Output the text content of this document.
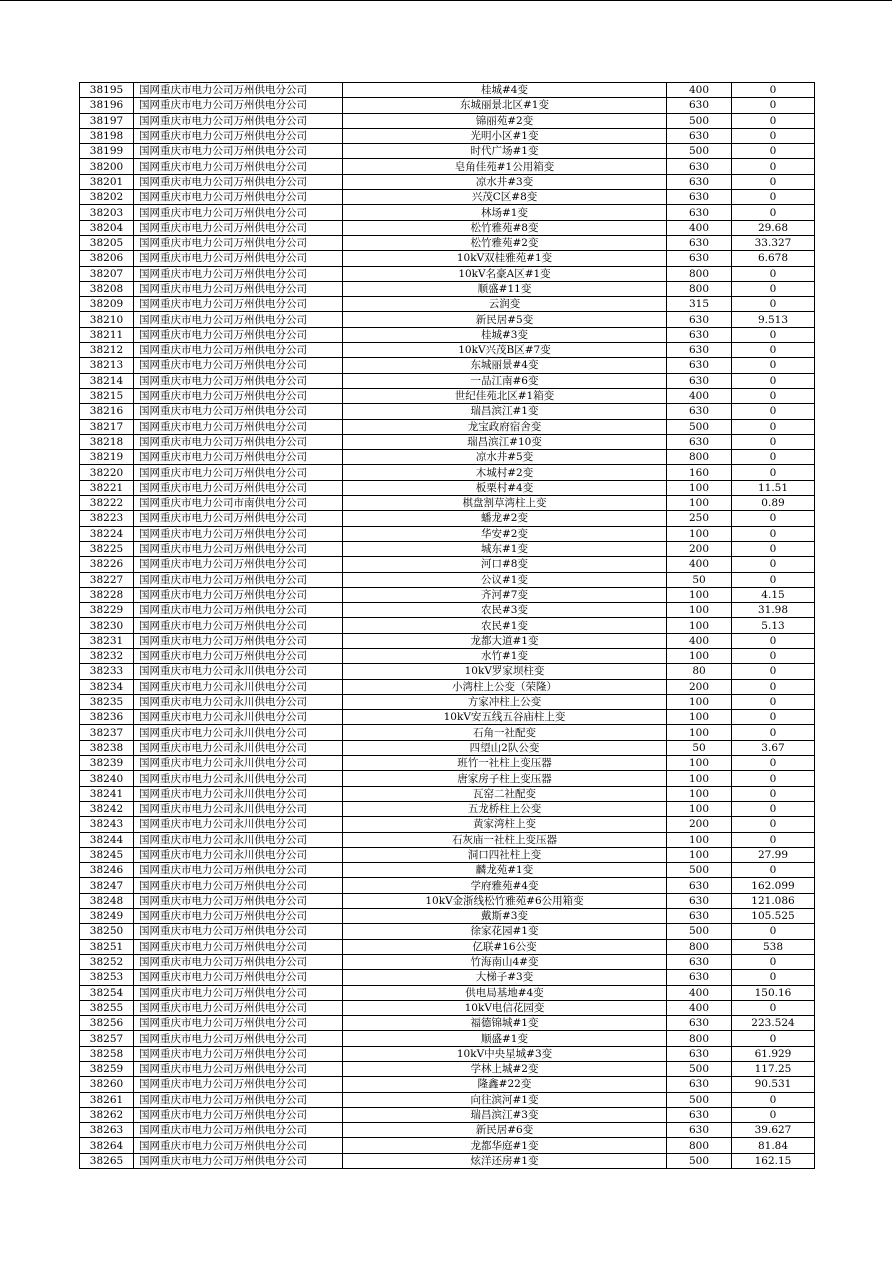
38195	国网重庆市电力公司万州供电分公司	桂城#4变	400	0
38196	国网重庆市电力公司万州供电分公司	东城丽景北区#1变	630	0
38197	国网重庆市电力公司万州供电分公司	锦丽苑#2变	500	0
38198	国网重庆市电力公司万州供电分公司	光明小区#1变	630	0
38199	国网重庆市电力公司万州供电分公司	时代广场#1变	500	0
38200	国网重庆市电力公司万州供电分公司	皂角佳苑#1公用箱变	630	0
38201	国网重庆市电力公司万州供电分公司	凉水井#3变	630	0
38202	国网重庆市电力公司万州供电分公司	兴茂C区#8变	630	0
38203	国网重庆市电力公司万州供电分公司	林场#1变	630	0
38204	国网重庆市电力公司万州供电分公司	松竹雅苑#8变	400	29.68
38205	国网重庆市电力公司万州供电分公司	松竹雅苑#2变	630	33.327
38206	国网重庆市电力公司万州供电分公司	10kV双桂雅苑#1变	630	6.678
38207	国网重庆市电力公司万州供电分公司	10kV名豪A区#1变	800	0
38208	国网重庆市电力公司万州供电分公司	顺盛#11变	800	0
38209	国网重庆市电力公司万州供电分公司	云润变	315	0
38210	国网重庆市电力公司万州供电分公司	新民居#5变	630	9.513
38211	国网重庆市电力公司万州供电分公司	桂城#3变	630	0
38212	国网重庆市电力公司万州供电分公司	10kV兴茂B区#7变	630	0
38213	国网重庆市电力公司万州供电分公司	东城丽景#4变	630	0
38214	国网重庆市电力公司万州供电分公司	一品江南#6变	630	0
38215	国网重庆市电力公司万州供电分公司	世纪佳苑北区#1箱变	400	0
38216	国网重庆市电力公司万州供电分公司	瑞昌滨江#1变	630	0
38217	国网重庆市电力公司万州供电分公司	龙宝政府宿舍变	500	0
38218	国网重庆市电力公司万州供电分公司	瑞昌滨江#10变	630	0
38219	国网重庆市电力公司万州供电分公司	凉水井#5变	800	0
38220	国网重庆市电力公司万州供电分公司	木城村#2变	160	0
38221	国网重庆市电力公司万州供电分公司	板栗村#4变	100	11.51
38222	国网重庆市电力公司市南供电分公司	棋盘割草湾柱上变	100	0.89
38223	国网重庆市电力公司万州供电分公司	蟠龙#2变	250	0
38224	国网重庆市电力公司万州供电分公司	华安#2变	100	0
38225	国网重庆市电力公司万州供电分公司	城东#1变	200	0
38226	国网重庆市电力公司万州供电分公司	河口#8变	400	0
38227	国网重庆市电力公司万州供电分公司	公议#1变	50	0
38228	国网重庆市电力公司万州供电分公司	齐河#7变	100	4.15
38229	国网重庆市电力公司万州供电分公司	农民#3变	100	31.98
38230	国网重庆市电力公司万州供电分公司	农民#1变	100	5.13
38231	国网重庆市电力公司万州供电分公司	龙都大道#1变	400	0
38232	国网重庆市电力公司万州供电分公司	水竹#1变	100	0
38233	国网重庆市电力公司永川供电分公司	10kV罗家坝柱变	80	0
38234	国网重庆市电力公司永川供电分公司	小湾柱上公变（荣隆）	200	0
38235	国网重庆市电力公司永川供电分公司	方家冲柱上公变	100	0
38236	国网重庆市电力公司永川供电分公司	10kV安五线五谷庙柱上变	100	0
38237	国网重庆市电力公司永川供电分公司	石角一社配变	100	0
38238	国网重庆市电力公司永川供电分公司	四望山2队公变	50	3.67
38239	国网重庆市电力公司永川供电分公司	班竹一社柱上变压器	100	0
38240	国网重庆市电力公司永川供电分公司	唐家房子柱上变压器	100	0
38241	国网重庆市电力公司永川供电分公司	瓦窑二社配变	100	0
38242	国网重庆市电力公司永川供电分公司	五龙桥柱上公变	100	0
38243	国网重庆市电力公司永川供电分公司	黄家湾柱上变	200	0
38244	国网重庆市电力公司永川供电分公司	石灰庙一社柱上变压器	100	0
38245	国网重庆市电力公司永川供电分公司	洞口四社柱上变	100	27.99
38246	国网重庆市电力公司万州供电分公司	麟龙苑#1变	500	0
38247	国网重庆市电力公司万州供电分公司	学府雅苑#4变	630	162.099
38248	国网重庆市电力公司万州供电分公司	10kV金浙线松竹雅苑#6公用箱变	630	121.086
38249	国网重庆市电力公司万州供电分公司	戴斯#3变	630	105.525
38250	国网重庆市电力公司万州供电分公司	徐家花园#1变	500	0
38251	国网重庆市电力公司万州供电分公司	亿联#16公变	800	538
38252	国网重庆市电力公司万州供电分公司	竹海南山4#变	630	0
38253	国网重庆市电力公司万州供电分公司	大梯子#3变	630	0
38254	国网重庆市电力公司万州供电分公司	供电局基地#4变	400	150.16
38255	国网重庆市电力公司万州供电分公司	10kV电信花园变	400	0
38256	国网重庆市电力公司万州供电分公司	福德锦城#1变	630	223.524
38257	国网重庆市电力公司万州供电分公司	顺盛#1变	800	0
38258	国网重庆市电力公司万州供电分公司	10kV中央星城#3变	630	61.929
38259	国网重庆市电力公司万州供电分公司	学林上城#2变	500	117.25
38260	国网重庆市电力公司万州供电分公司	隆鑫#22变	630	90.531
38261	国网重庆市电力公司万州供电分公司	向往滨河#1变	500	0
38262	国网重庆市电力公司万州供电分公司	瑞昌滨江#3变	630	0
38263	国网重庆市电力公司万州供电分公司	新民居#6变	630	39.627
38264	国网重庆市电力公司万州供电分公司	龙都华庭#1变	800	81.84
38265	国网重庆市电力公司万州供电分公司	炫洋还房#1变	500	162.15
